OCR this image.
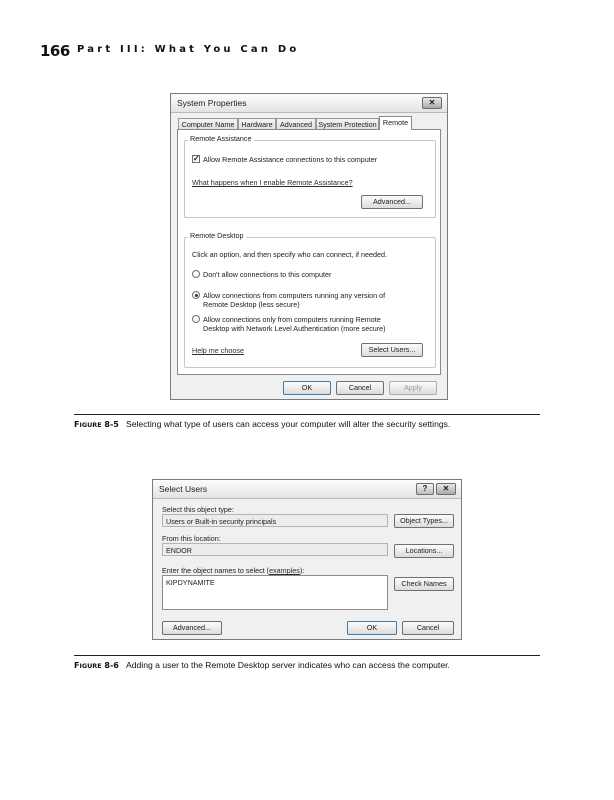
166 Part III: What You Can Do
System Properties	✕
Computer Name Hardware	Advanced System Protection Remote
Remote Assistance
✓ Allow Remote Assistance connections to this computer
What happens when I enable Remote Assistance?
Advanced...
Remote Desktop
Click an option, and then specify who can connect, if needed.
Don't allow connections to this computer
Allow connections from computers running any version of
Remote Desktop (less secure)
Allow connections only from computers running Remote
Desktop with Network Level Authentication (more secure)
Help me choose	Select Users...
OK	Cancel	Apply
FIGURE 8-5 Selecting what type of users can access your computer will alter the security settings.
Select Users	?	✕
Select this object type:
Users or Built-in security principals	Object Types...
From this location:
ENDOR	Locations...
Enter the object names to select (examples):
KIPDYNAMITE	Check Names
Advanced...	OK	Cancel
FIGURE 8-6 Adding a user to the Remote Desktop server indicates who can access the computer.
